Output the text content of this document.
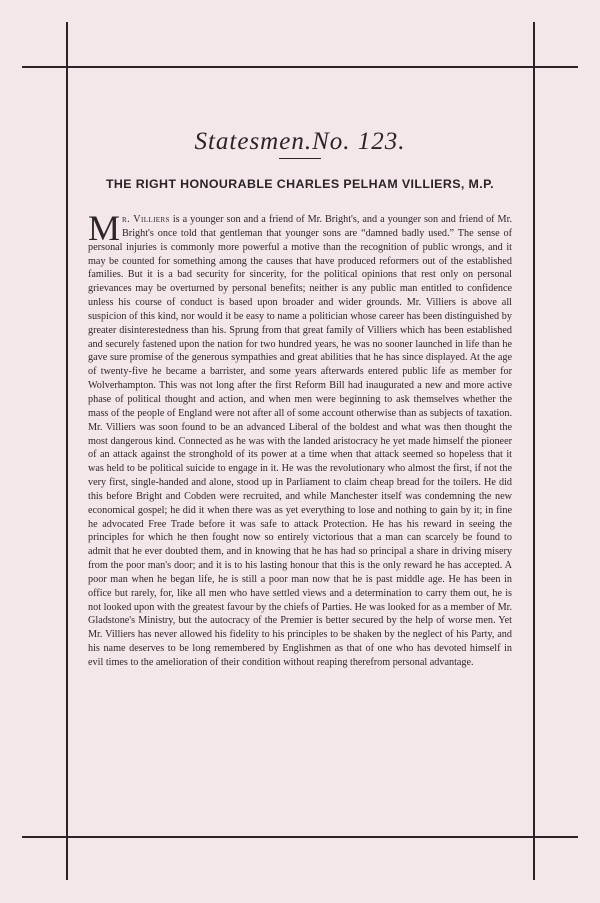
Statesmen.No. 123.
THE RIGHT HONOURABLE CHARLES PELHAM VILLIERS, M.P.
Mr. Villiers is a younger son and a friend of Mr. Bright's, and a younger son and friend of Mr. Bright's once told that gentleman that younger sons are “damned badly used.” The sense of personal injuries is commonly more powerful a motive than the recognition of public wrongs, and it may be counted for something among the causes that have produced reformers out of the established families. But it is a bad security for sincerity, for the political opinions that rest only on personal grievances may be overturned by personal benefits; neither is any public man entitled to confidence unless his course of conduct is based upon broader and wider grounds. Mr. Villiers is above all suspicion of this kind, nor would it be easy to name a politician whose career has been distinguished by greater disinterestedness than his. Sprung from that great family of Villiers which has been established and securely fastened upon the nation for two hundred years, he was no sooner launched in life than he gave sure promise of the generous sympathies and great abilities that he has since displayed. At the age of twenty-five he became a barrister, and some years afterwards entered public life as member for Wolverhampton. This was not long after the first Reform Bill had inaugurated a new and more active phase of political thought and action, and when men were beginning to ask themselves whether the mass of the people of England were not after all of some account otherwise than as subjects of taxation. Mr. Villiers was soon found to be an advanced Liberal of the boldest and what was then thought the most dangerous kind. Connected as he was with the landed aristocracy he yet made himself the pioneer of an attack against the stronghold of its power at a time when that attack seemed so hopeless that it was held to be political suicide to engage in it. He was the revolutionary who almost the first, if not the very first, single-handed and alone, stood up in Parliament to claim cheap bread for the toilers. He did this before Bright and Cobden were recruited, and while Manchester itself was condemning the new economical gospel; he did it when there was as yet everything to lose and nothing to gain by it; in fine he advocated Free Trade before it was safe to attack Protection. He has his reward in seeing the principles for which he then fought now so entirely victorious that a man can scarcely be found to admit that he ever doubted them, and in knowing that he has had so principal a share in driving misery from the poor man's door; and it is to his lasting honour that this is the only reward he has accepted. A poor man when he began life, he is still a poor man now that he is past middle age. He has been in office but rarely, for, like all men who have settled views and a determination to carry them out, he is not looked upon with the greatest favour by the chiefs of Parties. He was looked for as a member of Mr. Gladstone's Ministry, but the autocracy of the Premier is better secured by the help of worse men. Yet Mr. Villiers has never allowed his fidelity to his principles to be shaken by the neglect of his Party, and his name deserves to be long remembered by Englishmen as that of one who has devoted himself in evil times to the amelioration of their condition without reaping therefrom personal advantage.
